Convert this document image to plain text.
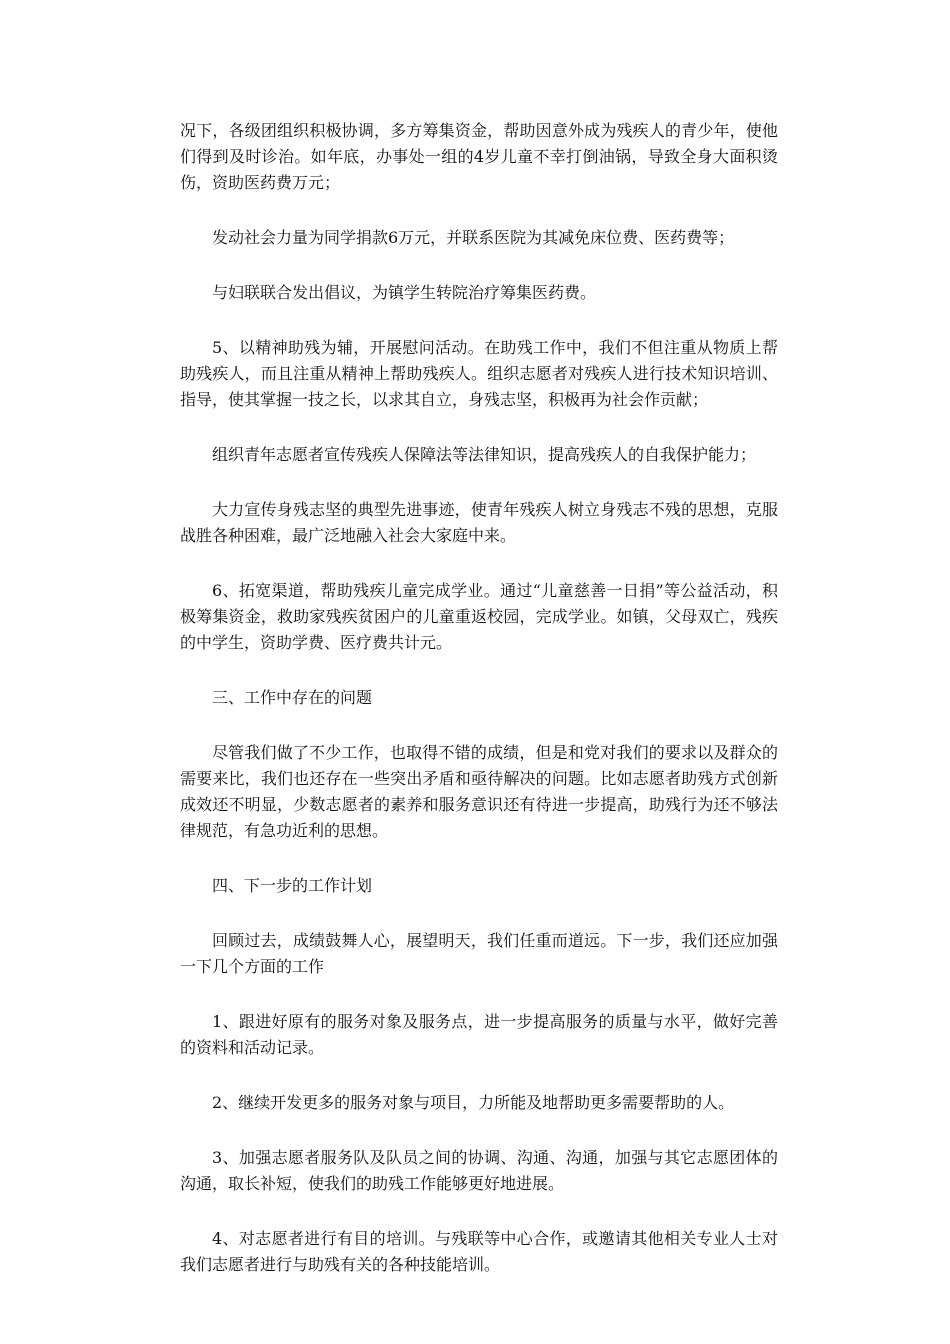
况下，各级团组织积极协调，多方筹集资金，帮助因意外成为残疾人的青少年，使他们得到及时诊治。如年底，办事处一组的4岁儿童不幸打倒油锅，导致全身大面积烫伤，资助医药费万元；

发动社会力量为同学捐款6万元，并联系医院为其减免床位费、医药费等；

与妇联联合发出倡议，为镇学生转院治疗筹集医药费。

5、以精神助残为辅，开展慰问活动。在助残工作中，我们不但注重从物质上帮助残疾人，而且注重从精神上帮助残疾人。组织志愿者对残疾人进行技术知识培训、指导，使其掌握一技之长，以求其自立，身残志坚，积极再为社会作贡献；

组织青年志愿者宣传残疾人保障法等法律知识，提高残疾人的自我保护能力；

大力宣传身残志坚的典型先进事迹，使青年残疾人树立身残志不残的思想，克服战胜各种困难，最广泛地融入社会大家庭中来。

6、拓宽渠道，帮助残疾儿童完成学业。通过“儿童慈善一日捐”等公益活动，积极筹集资金，救助家残疾贫困户的儿童重返校园，完成学业。如镇，父母双亡，残疾的中学生，资助学费、医疗费共计元。

三、工作中存在的问题

尽管我们做了不少工作，也取得不错的成绩，但是和党对我们的要求以及群众的需要来比，我们也还存在一些突出矛盾和亟待解决的问题。比如志愿者助残方式创新成效还不明显，少数志愿者的素养和服务意识还有待进一步提高，助残行为还不够法律规范，有急功近利的思想。

四、下一步的工作计划

回顾过去，成绩鼓舞人心，展望明天，我们任重而道远。下一步，我们还应加强一下几个方面的工作

1、跟进好原有的服务对象及服务点，进一步提高服务的质量与水平，做好完善的资料和活动记录。

2、继续开发更多的服务对象与项目，力所能及地帮助更多需要帮助的人。

3、加强志愿者服务队及队员之间的协调、沟通、沟通，加强与其它志愿团体的沟通，取长补短，使我们的助残工作能够更好地进展。

4、对志愿者进行有目的培训。与残联等中心合作，或邀请其他相关专业人士对我们志愿者进行与助残有关的各种技能培训。
